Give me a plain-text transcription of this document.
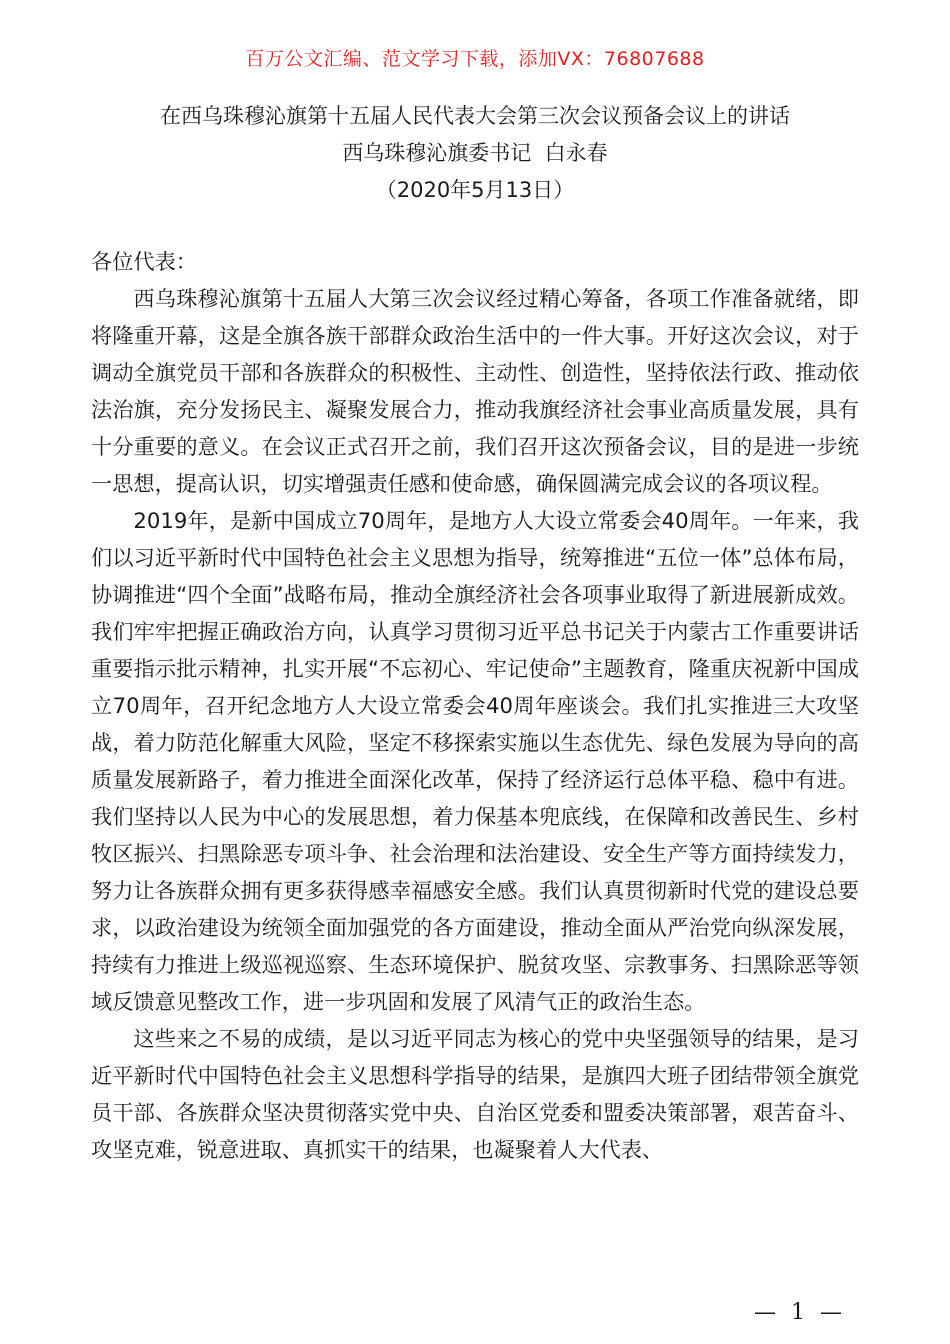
百万公文汇编、范文学习下载，添加VX：76807688
在西乌珠穆沁旗第十五届人民代表大会第三次会议预备会议上的讲话
西乌珠穆沁旗委书记  白永春
（2020年5月13日）

各位代表：

西乌珠穆沁旗第十五届人大第三次会议经过精心筹备，各项工作准备就绪，即将隆重开幕，这是全旗各族干部群众政治生活中的一件大事。开好这次会议，对于调动全旗党员干部和各族群众的积极性、主动性、创造性，坚持依法行政、推动依法治旗，充分发扬民主、凝聚发展合力，推动我旗经济社会事业高质量发展，具有十分重要的意义。在会议正式召开之前，我们召开这次预备会议，目的是进一步统一思想，提高认识，切实增强责任感和使命感，确保圆满完成会议的各项议程。

2019年，是新中国成立70周年，是地方人大设立常委会40周年。一年来，我们以习近平新时代中国特色社会主义思想为指导，统筹推进“五位一体”总体布局，协调推进“四个全面”战略布局，推动全旗经济社会各项事业取得了新进展新成效。我们牢牢把握正确政治方向，认真学习贯彻习近平总书记关于内蒙古工作重要讲话重要指示批示精神，扎实开展“不忘初心、牢记使命”主题教育，隆重庆祝新中国成立70周年，召开纪念地方人大设立常委会40周年座谈会。我们扎实推进三大攻坚战，着力防范化解重大风险，坚定不移探索实施以生态优先、绿色发展为导向的高质量发展新路子，着力推进全面深化改革，保持了经济运行总体平稳、稳中有进。我们坚持以人民为中心的发展思想，着力保基本兜底线，在保障和改善民生、乡村牧区振兴、扫黑除恶专项斗争、社会治理和法治建设、安全生产等方面持续发力，努力让各族群众拥有更多获得感幸福感安全感。我们认真贯彻新时代党的建设总要求，以政治建设为统领全面加强党的各方面建设，推动全面从严治党向纵深发展，持续有力推进上级巡视巡察、生态环境保护、脱贫攻坚、宗教事务、扫黑除恶等领域反馈意见整改工作，进一步巩固和发展了风清气正的政治生态。

这些来之不易的成绩，是以习近平同志为核心的党中央坚强领导的结果，是习近平新时代中国特色社会主义思想科学指导的结果，是旗四大班子团结带领全旗党员干部、各族群众坚决贯彻落实党中央、自治区党委和盟委决策部署，艰苦奋斗、攻坚克难，锐意进取、真抓实干的结果，也凝聚着人大代表、

— 1 —
